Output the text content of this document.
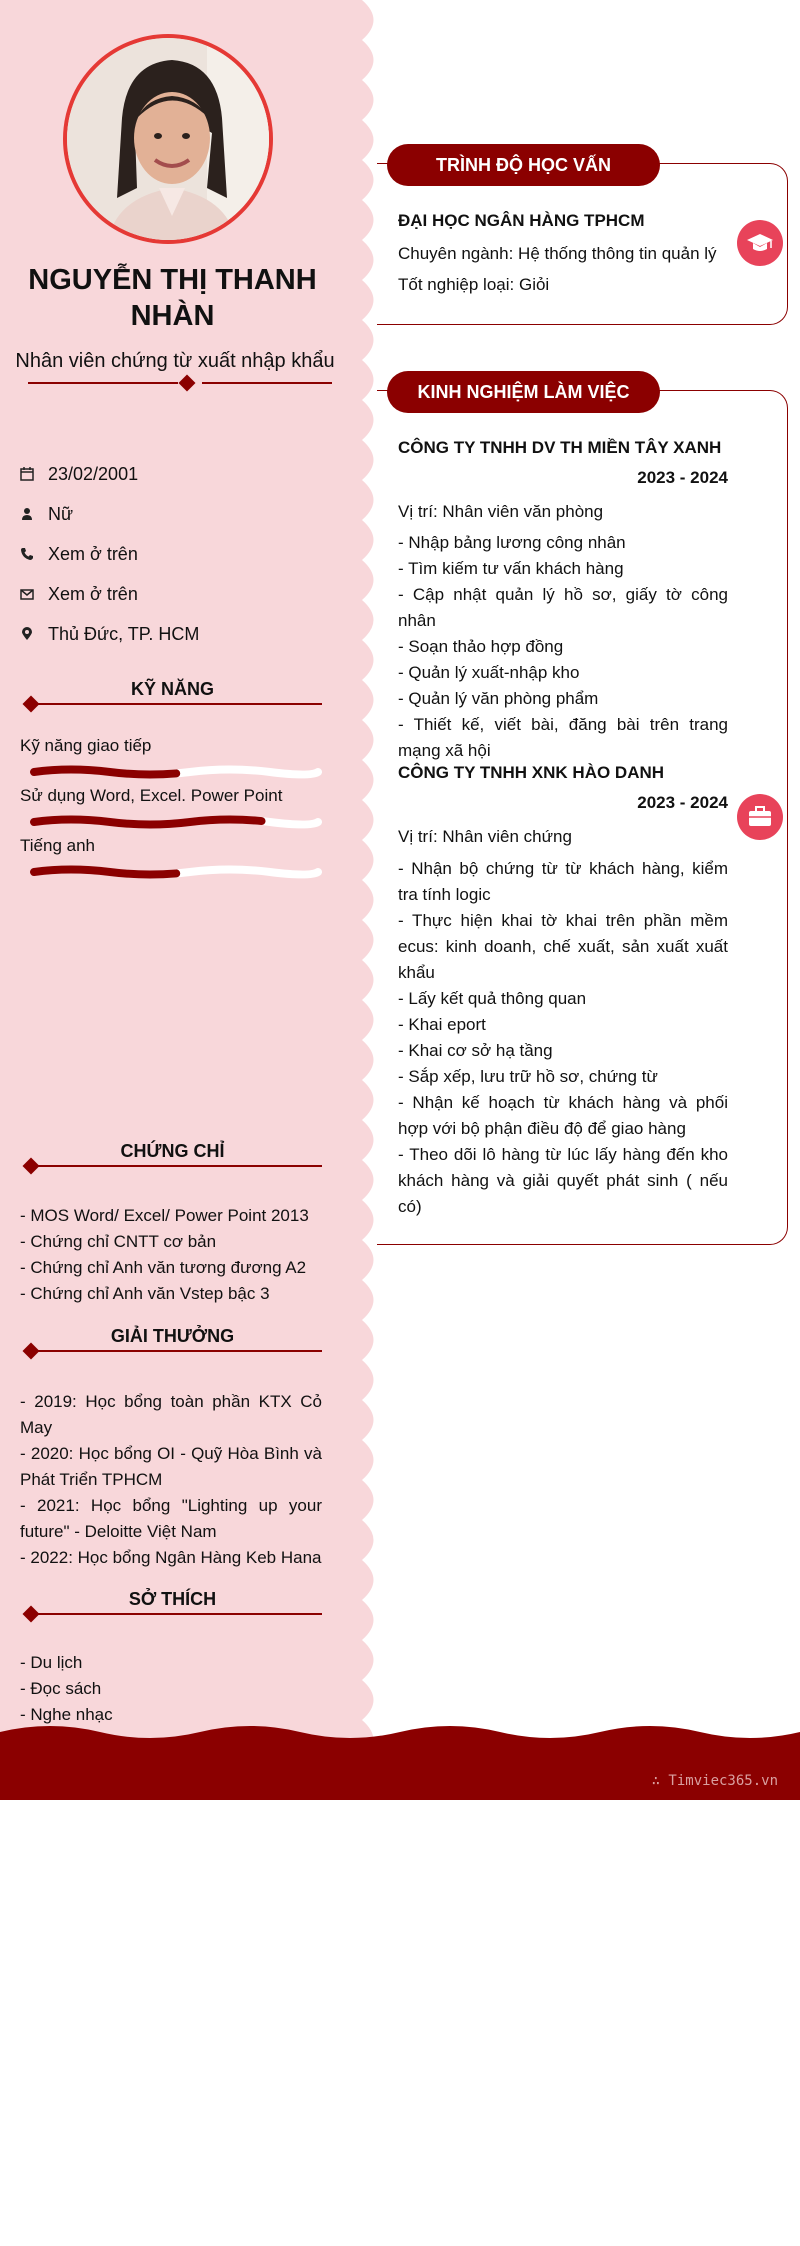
NGUYỄN THỊ THANH NHÀN
Nhân viên chứng từ xuất nhập khẩu
23/02/2001
Nữ
Xem ở trên
Xem ở trên
Thủ Đức, TP. HCM
KỸ NĂNG
Kỹ năng giao tiếp
Sử dụng Word, Excel. Power Point
Tiếng anh
CHỨNG CHỈ
- MOS Word/ Excel/ Power Point 2013
- Chứng chỉ CNTT cơ bản
- Chứng chỉ Anh văn tương đương A2
- Chứng chỉ Anh văn Vstep bậc 3
GIẢI THƯỞNG
- 2019: Học bổng toàn phần KTX Cỏ May
- 2020: Học bổng OI - Quỹ Hòa Bình và Phát Triển TPHCM
- 2021: Học bổng "Lighting up your future" - Deloitte Việt Nam
- 2022: Học bổng Ngân Hàng Keb Hana
SỞ THÍCH
- Du lịch
- Đọc sách
- Nghe nhạc
TRÌNH ĐỘ HỌC VẤN
ĐẠI HỌC NGÂN HÀNG TPHCM
Chuyên ngành: Hệ thống thông tin quản lý
Tốt nghiệp loại: Giỏi
KINH NGHIỆM LÀM VIỆC
CÔNG TY TNHH DV TH MIỀN TÂY XANH
2023 - 2024
Vị trí: Nhân viên văn phòng
- Nhập bảng lương công nhân
- Tìm kiếm tư vấn khách hàng
- Cập nhật quản lý hồ sơ, giấy tờ công nhân
- Soạn thảo hợp đồng
- Quản lý xuất-nhập kho
- Quản lý văn phòng phẩm
- Thiết kế, viết bài, đăng bài trên trang mạng xã hội
CÔNG TY TNHH XNK HÀO DANH
2023 - 2024
Vị trí: Nhân viên chứng
- Nhận bộ chứng từ từ khách hàng, kiểm tra tính logic
- Thực hiện khai tờ khai trên phần mềm ecus: kinh doanh, chế xuất, sản xuất xuất khẩu
- Lấy kết quả thông quan
- Khai eport
- Khai cơ sở hạ tầng
- Sắp xếp, lưu trữ hồ sơ, chứng từ
- Nhận kế hoạch từ khách hàng và phối hợp với bộ phận điều độ để giao hàng
- Theo dõi lô hàng từ lúc lấy hàng đến kho khách hàng và giải quyết phát sinh ( nếu có)
∴ Timviec365.vn
